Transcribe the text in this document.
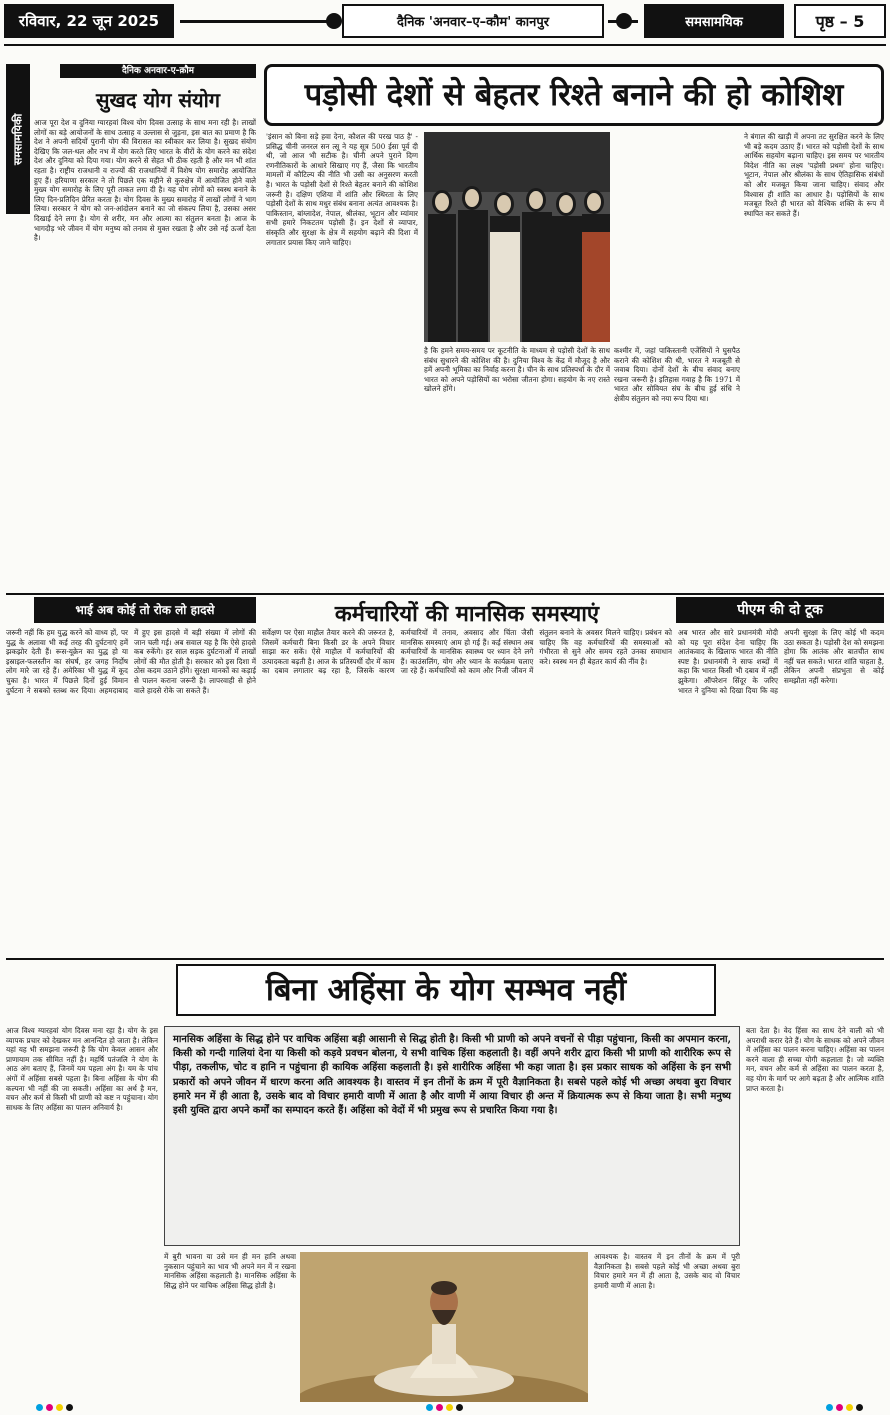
रविवार, 22 जून 2025	दैनिक 'अनवार–ए–कौम' कानपुर	समसामयिक	पृष्ठ – 5
समसामयिकी
दैनिक अनवार-ए-क़ौम
सुखद योग संयोग
आज पूरा देश व दुनिया ग्यारहवां विश्व योग दिवस उत्साह के साथ मना रही है। लाखों लोगों का बड़े आयोजनों के साथ उत्साह व उल्लास से जुड़ना, इस बात का प्रमाण है कि देश ने अपनी सदियों पुरानी योग की विरासत का स्वीकार कर लिया है। सुखद संयोग देखिए कि जल-थल और नभ में योग करते लिए भारत के वीरों के योग करने का संदेश देश और दुनिया को दिया गया। योग करने से सेहत भी ठीक रहती है और मन भी शांत रहता है। राष्ट्रीय राजधानी व राज्यों की राजधानियों में विशेष योग समारोह आयोजित हुए हैं। हरियाणा सरकार ने तो पिछले एक महीने से कुरुक्षेत्र में आयोजित होने वाले मुख्य योग समारोह के लिए पूरी ताकत लगा दी है। यह योग लोगों को स्वस्थ बनाने के लिए दिन-प्रतिदिन प्रेरित करता है। योग दिवस के मुख्य समारोह में लाखों लोगों ने भाग लिया। सरकार ने योग को जन-आंदोलन बनाने का जो संकल्प लिया है, उसका असर दिखाई देने लगा है। योग से शरीर, मन और आत्मा का संतुलन बनता है। आज के भागदौड़ भरे जीवन में योग मनुष्य को तनाव से मुक्त रखता है और उसे नई ऊर्जा देता है।
पड़ोसी देशों से बेहतर रिश्ते बनाने की हो कोशिश
'इंसान को बिना सड़े हवा देना, कौशल की परख पाठ है' - प्रसिद्ध चीनी जनरल सन त्सू ने यह सूत्र 500 ईसा पूर्व दी थी, जो आज भी सटीक है। चीनी अपने पुराने दिग्ग रणनीतिकारों के आधारे सिखाए गए हैं, जैसा कि भारतीय मामलों में कौटिल्य की नीति भी उसी का अनुसरण करती है। भारत के पड़ोसी देशों से रिश्ते बेहतर बनाने की कोशिश जरूरी है। दक्षिण एशिया में शांति और स्थिरता के लिए पड़ोसी देशों के साथ मधुर संबंध बनाना अत्यंत आवश्यक है। पाकिस्तान, बांग्लादेश, नेपाल, श्रीलंका, भूटान और म्यांमार सभी हमारे निकटतम पड़ोसी हैं। इन देशों से व्यापार, संस्कृति और सुरक्षा के क्षेत्र में सहयोग बढ़ाने की दिशा में लगातार प्रयास किए जाने चाहिए।
है कि हमने समय-समय पर कूटनीति के माध्यम से पड़ोसी देशों के साथ संबंध सुधारने की कोशिश की है। दुनिया विश्व के केंद्र में मौजूद है और हमें अपनी भूमिका का निर्वाह करना है। चीन के साथ प्रतिस्पर्धा के दौर में भारत को अपने पड़ोसियों का भरोसा जीतना होगा। सहयोग के नए रास्ते खोलने होंगे।
कश्मीर में, जहां पाकिस्तानी एजेंसियों ने घुसपैठ कराने की कोशिश की थी, भारत ने मजबूती से जवाब दिया। दोनों देशों के बीच संवाद बनाए रखना जरूरी है। इतिहास गवाह है कि 1971 में भारत और सोवियत संघ के बीच हुई संधि ने क्षेत्रीय संतुलन को नया रूप दिया था।
ने बंगाल की खाड़ी में अपना तट सुरक्षित करने के लिए भी बड़े कदम उठाए हैं। भारत को पड़ोसी देशों के साथ आर्थिक सहयोग बढ़ाना चाहिए। इस समय पर भारतीय विदेश नीति का लक्ष्य 'पड़ोसी प्रथम' होना चाहिए। भूटान, नेपाल और श्रीलंका के साथ ऐतिहासिक संबंधों को और मजबूत किया जाना चाहिए। संवाद और विश्वास ही शांति का आधार है। पड़ोसियों के साथ मजबूत रिश्ते ही भारत को वैश्विक शक्ति के रूप में स्थापित कर सकते हैं।
भाई अब कोई तो रोक लो हादसे
जरूरी नहीं कि हम युद्ध करने को वाध्य हों, पर युद्ध के अलावा भी कई तरह की दुर्घटनाएं हमें झकझोर देती हैं। रूस-यूक्रेन का युद्ध हो या इस्राइल-फलस्तीन का संघर्ष, हर जगह निर्दोष लोग मारे जा रहे हैं। अमेरिका भी युद्ध में कूद चुका है। भारत में पिछले दिनों हुई विमान दुर्घटना ने सबको स्तब्ध कर दिया। अहमदाबाद में हुए इस हादसे में बड़ी संख्या में लोगों की जान चली गई। अब सवाल यह है कि ऐसे हादसे कब रुकेंगे। हर साल सड़क दुर्घटनाओं में लाखों लोगों की मौत होती है। सरकार को इस दिशा में ठोस कदम उठाने होंगे। सुरक्षा मानकों का कड़ाई से पालन कराना जरूरी है। लापरवाही से होने वाले हादसे रोके जा सकते हैं।
कर्मचारियों की मानसिक समस्याएं
सर्वेक्षण पर ऐसा माहौल तैयार करने की जरूरत है, जिसमें कर्मचारी बिना किसी डर के अपने विचार साझा कर सकें। ऐसे माहौल में कर्मचारियों की उत्पादकता बढ़ती है। आज के प्रतिस्पर्धी दौर में काम का दबाव लगातार बढ़ रहा है, जिसके कारण कर्मचारियों में तनाव, अवसाद और चिंता जैसी मानसिक समस्याएं आम हो गई हैं। कई संस्थान अब कर्मचारियों के मानसिक स्वास्थ्य पर ध्यान देने लगे हैं। काउंसलिंग, योग और ध्यान के कार्यक्रम चलाए जा रहे हैं। कर्मचारियों को काम और निजी जीवन में संतुलन बनाने के अवसर मिलने चाहिए। प्रबंधन को चाहिए कि वह कर्मचारियों की समस्याओं को गंभीरता से सुने और समय रहते उनका समाधान करे। स्वस्थ मन ही बेहतर कार्य की नींव है।
पीएम की दो टूक
अब भारत और सारे प्रधानमंत्री मोदी को यह पूरा संदेश देना चाहिए कि आतंकवाद के खिलाफ भारत की नीति स्पष्ट है। प्रधानमंत्री ने साफ शब्दों में कहा कि भारत किसी भी दबाव में नहीं झुकेगा। ऑपरेशन सिंदूर के जरिए भारत ने दुनिया को दिखा दिया कि वह अपनी सुरक्षा के लिए कोई भी कदम उठा सकता है। पड़ोसी देश को समझना होगा कि आतंक और बातचीत साथ नहीं चल सकते। भारत शांति चाहता है, लेकिन अपनी संप्रभुता से कोई समझौता नहीं करेगा।
बिना अहिंसा के योग सम्भव नहीं
आज विश्व ग्यारहवां योग दिवस मना रहा है। योग के इस व्यापक प्रचार को देखकर मन आनन्दित हो जाता है। लेकिन यहां यह भी समझना जरूरी है कि योग केवल आसन और प्राणायाम तक सीमित नहीं है। महर्षि पतंजलि ने योग के आठ अंग बताए हैं, जिनमें यम पहला अंग है। यम के पांच अंगों में अहिंसा सबसे पहला है। बिना अहिंसा के योग की कल्पना भी नहीं की जा सकती। अहिंसा का अर्थ है मन, वचन और कर्म से किसी भी प्राणी को कष्ट न पहुंचाना। योग साधक के लिए अहिंसा का पालन अनिवार्य है।
मानसिक अहिंसा के सिद्ध होने पर वाचिक अहिंसा बड़ी आसानी से सिद्ध होती है। किसी भी प्राणी को अपने वचनों से पीड़ा पहुंचाना, किसी का अपमान करना, किसी को गन्दी गालियां देना या किसी को कड़वे प्रवचन बोलना, ये सभी वाचिक हिंसा कहलाती है। वहीं अपने शरीर द्वारा किसी भी प्राणी को शारीरिक रूप से पीड़ा, तकलीफ, चोट व हानि न पहुंचाना ही कायिक अहिंसा कहलाती है। इसे शारीरिक अहिंसा भी कहा जाता है। इस प्रकार साधक को अहिंसा के इन सभी प्रकारों को अपने जीवन में धारण करना अति आवश्यक है। वास्तव में इन तीनों के क्रम में पूरी वैज्ञानिकता है। सबसे पहले कोई भी अच्छा अथवा बुरा विचार हमारे मन में ही आता है, उसके बाद वो विचार हमारी वाणी में आता है और वाणी में आया विचार ही अन्त में क्रियात्मक रूप से किया जाता है। सभी मनुष्य इसी युक्ति द्वारा अपने कर्मों का सम्पादन करते हैं। अहिंसा को वेदों में भी प्रमुख रूप से प्रचारित किया गया है।
बता देता है। वेद हिंसा का साथ देने वाली को भी अपराधी करार देते हैं। योग के साधक को अपने जीवन में अहिंसा का पालन करना चाहिए। अहिंसा का पालन करने वाला ही सच्चा योगी कहलाता है। जो व्यक्ति मन, वचन और कर्म से अहिंसा का पालन करता है, वह योग के मार्ग पर आगे बढ़ता है और आत्मिक शांति प्राप्त करता है।
में बुरी भावना या उसे मन ही मन हानि अथवा नुकसान पहुंचाने का भाव भी अपने मन में न रखना मानसिक अहिंसा कहलाती है। मानसिक अहिंसा के सिद्ध होने पर वाचिक अहिंसा सिद्ध होती है।
आवश्यक है। वास्तव में इन तीनों के क्रम में पूरी वैज्ञानिकता है। सबसे पहले कोई भी अच्छा अथवा बुरा विचार हमारे मन में ही आता है, उसके बाद वो विचार हमारी वाणी में आता है।
